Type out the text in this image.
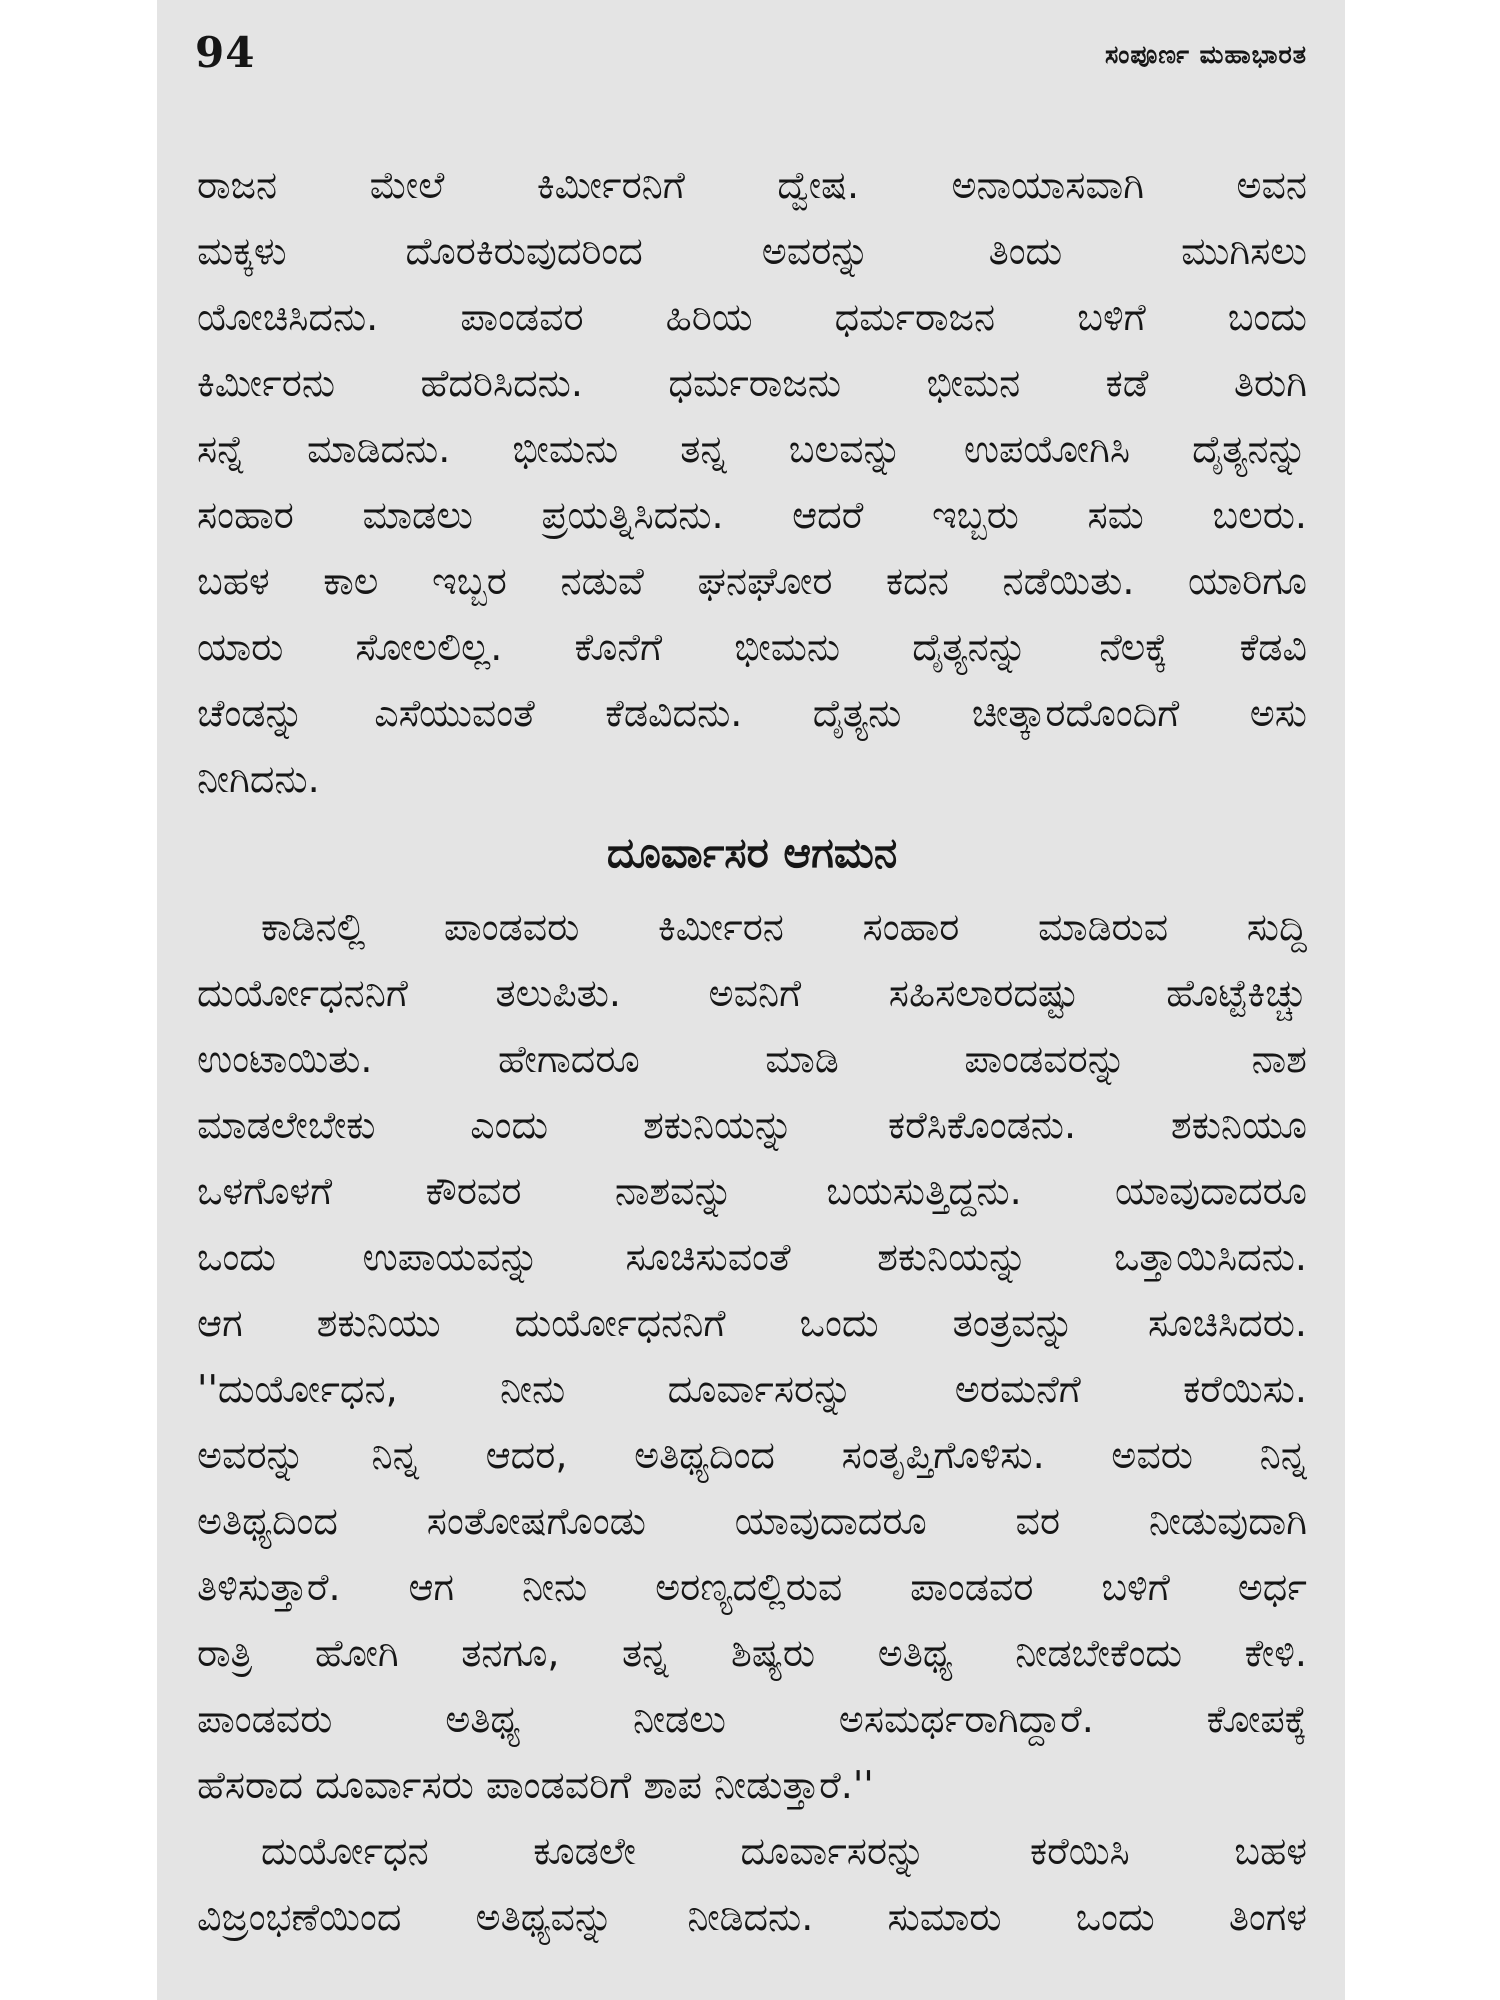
94	ಸಂಪೂರ್ಣ ಮಹಾಭಾರತ
ರಾಜನ ಮೇಲೆ ಕಿರ್ಮೀರನಿಗೆ ದ್ವೇಷ. ಅನಾಯಾಸವಾಗಿ ಅವನ
ಮಕ್ಕಳು ದೊರಕಿರುವುದರಿಂದ ಅವರನ್ನು ತಿಂದು ಮುಗಿಸಲು
ಯೋಚಿಸಿದನು. ಪಾಂಡವರ ಹಿರಿಯ ಧರ್ಮರಾಜನ ಬಳಿಗೆ ಬಂದು
ಕಿರ್ಮೀರನು ಹೆದರಿಸಿದನು. ಧರ್ಮರಾಜನು ಭೀಮನ ಕಡೆ ತಿರುಗಿ
ಸನ್ನೆ ಮಾಡಿದನು. ಭೀಮನು ತನ್ನ ಬಲವನ್ನು ಉಪಯೋಗಿಸಿ ದೈತ್ಯನನ್ನು
ಸಂಹಾರ ಮಾಡಲು ಪ್ರಯತ್ನಿಸಿದನು. ಆದರೆ ಇಬ್ಬರು ಸಮ ಬಲರು.
ಬಹಳ ಕಾಲ ಇಬ್ಬರ ನಡುವೆ ಘನಘೋರ ಕದನ ನಡೆಯಿತು. ಯಾರಿಗೂ
ಯಾರು ಸೋಲಲಿಲ್ಲ. ಕೊನೆಗೆ ಭೀಮನು ದೈತ್ಯನನ್ನು ನೆಲಕ್ಕೆ ಕೆಡವಿ
ಚೆಂಡನ್ನು ಎಸೆಯುವಂತೆ ಕೆಡವಿದನು. ದೈತ್ಯನು ಚೀತ್ಕಾರದೊಂದಿಗೆ ಅಸು
ನೀಗಿದನು.
ದೂರ್ವಾಸರ ಆಗಮನ
ಕಾಡಿನಲ್ಲಿ ಪಾಂಡವರು ಕಿರ್ಮೀರನ ಸಂಹಾರ ಮಾಡಿರುವ ಸುದ್ದಿ
ದುರ್ಯೋಧನನಿಗೆ ತಲುಪಿತು. ಅವನಿಗೆ ಸಹಿಸಲಾರದಷ್ಟು ಹೊಟ್ಟೆಕಿಚ್ಚು
ಉಂಟಾಯಿತು. ಹೇಗಾದರೂ ಮಾಡಿ ಪಾಂಡವರನ್ನು ನಾಶ
ಮಾಡಲೇಬೇಕು ಎಂದು ಶಕುನಿಯನ್ನು ಕರೆಸಿಕೊಂಡನು. ಶಕುನಿಯೂ
ಒಳಗೊಳಗೆ ಕೌರವರ ನಾಶವನ್ನು ಬಯಸುತ್ತಿದ್ದನು. ಯಾವುದಾದರೂ
ಒಂದು ಉಪಾಯವನ್ನು ಸೂಚಿಸುವಂತೆ ಶಕುನಿಯನ್ನು ಒತ್ತಾಯಿಸಿದನು.
ಆಗ ಶಕುನಿಯು ದುರ್ಯೋಧನನಿಗೆ ಒಂದು ತಂತ್ರವನ್ನು ಸೂಚಿಸಿದರು.
''ದುರ್ಯೋಧನ, ನೀನು ದೂರ್ವಾಸರನ್ನು ಅರಮನೆಗೆ ಕರೆಯಿಸು.
ಅವರನ್ನು ನಿನ್ನ ಆದರ, ಅತಿಥ್ಯದಿಂದ ಸಂತೃಪ್ತಿಗೊಳಿಸು. ಅವರು ನಿನ್ನ
ಅತಿಥ್ಯದಿಂದ ಸಂತೋಷಗೊಂಡು ಯಾವುದಾದರೂ ವರ ನೀಡುವುದಾಗಿ
ತಿಳಿಸುತ್ತಾರೆ. ಆಗ ನೀನು ಅರಣ್ಯದಲ್ಲಿರುವ ಪಾಂಡವರ ಬಳಿಗೆ ಅರ್ಧ
ರಾತ್ರಿ ಹೋಗಿ ತನಗೂ, ತನ್ನ ಶಿಷ್ಯರು ಅತಿಥ್ಯ ನೀಡಬೇಕೆಂದು ಕೇಳಿ.
ಪಾಂಡವರು ಅತಿಥ್ಯ ನೀಡಲು ಅಸಮರ್ಥರಾಗಿದ್ದಾರೆ. ಕೋಪಕ್ಕೆ
ಹೆಸರಾದ ದೂರ್ವಾಸರು ಪಾಂಡವರಿಗೆ ಶಾಪ ನೀಡುತ್ತಾರೆ.''
ದುರ್ಯೋಧನ ಕೂಡಲೇ ದೂರ್ವಾಸರನ್ನು ಕರೆಯಿಸಿ ಬಹಳ
ವಿಜ್ರಂಭಣೆಯಿಂದ ಅತಿಥ್ಯವನ್ನು ನೀಡಿದನು. ಸುಮಾರು ಒಂದು ತಿಂಗಳ
